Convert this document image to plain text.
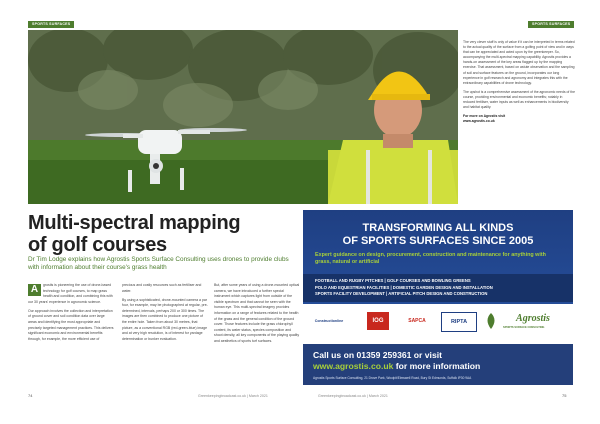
SPORTS SURFACES	SPORTS SURFACES

The very clever stuff is only of value if it can be interpreted in terms related to the actual quality of the surface from a golfing point of view and in ways that can be appreciated and acted upon by the greenkeeper. So, accompanying the multi-spectral mapping capability, Agrostis provides a hands-on assessment of the key areas flagged up by the mapping exercise. That assessment, based on astute observation and the sampling of soil and surface features on the ground, incorporates our long experience in golf research and agronomy and integrates this with the extraordinary capabilities of drone technology.

The upshot is a comprehensive assessment of the agronomic needs of the course, providing environmental and economic benefits; notably in reduced fertiliser, water inputs as well as enhancements in biodiversity and habitat quality.

For more on Agrostis visit

www.agrostis.co.uk

Multi-spectral mapping
of golf courses
Dr Tim Lodge explains how Agrostis Sports Surface Consulting uses drones to provide clubs with information about their course's grass health

A	grostis is pioneering the use of drone-based technology for golf courses, to map grass health and condition, and combining this with our 30 years' experience in agronomic science.

Our approach involves the collection and interpretation of ground cover and soil condition data over large areas and identifying the most appropriate and precisely targeted management practices. This delivers significant economic and environmental benefits through, for example, the more efficient use of

precious and costly resources such as fertiliser and water.

By using a sophisticated, drone-mounted camera a par four, for example, may be photographed at regular, pre-determined, intervals, perhaps 200 or 300 times. The images are then combined to produce one picture of the entire hole. Taken from about 30 metres, that picture, as a conventional RGB (red-green-blue) image and at very high resolution, is of interest for yardage determination or bunker evaluation.

But, after some years of using a drone-mounted optical camera, we have introduced a further special instrument which captures light from outside of the visible spectrum and that cannot be seen with the human eye. This multi-spectral imagery provides information on a range of features related to the health of the grass and the general condition of the ground cover. Those features include the grass chlorophyll content, its water status, species composition and shoot density, all key components of the playing quality and aesthetics of sports turf surfaces.

74	Greenkeepingbroadcast.co.uk | March 2021	Greenkeepingbroadcast.co.uk | March 2021	75
TRANSFORMING ALL KINDS
OF SPORTS SURFACES SINCE 2005
Expert guidance on design, procurement, construction and maintenance for anything with grass, natural or artificial
FOOTBALL AND RUGBY PITCHES | GOLF COURSES AND BOWLING GREENS
POLO AND EQUESTRIAN FACILITIES | DOMESTIC GARDEN DESIGN AND INSTALLATION
SPORTS FACILITY DEVELOPMENT | ARTIFICIAL PITCH DESIGN AND CONSTRUCTION
Constructionline	IOG	SAPCA	RIPTA	Agrostis
SPORTS SURFACE CONSULTING
Call us on 01359 259361 or visit
www.agrostis.co.uk for more information
Agrostis Sports Surface Consulting, 21 Drove Park, Woolpit/Elmswell Road, Bury St Edmunds, Suffolk IP30 9AA
